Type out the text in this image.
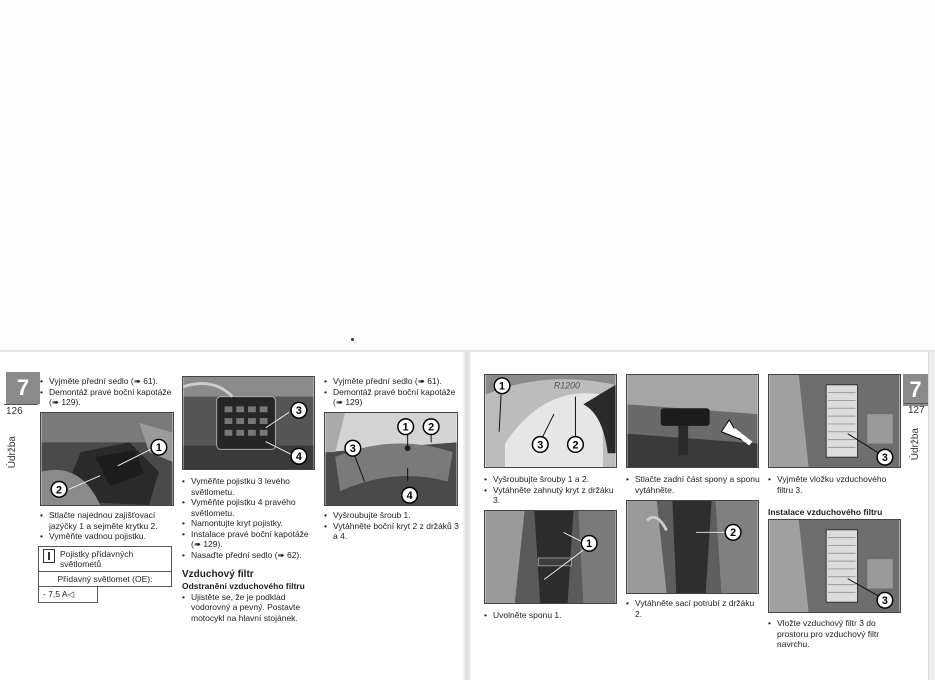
7
126
Údržba
• Vyjměte přední sedlo (➠ 61).
• Demontáž pravé boční kapotáže (➠ 129).
1
2
• Stlačte najednou zajišťovací jazýčky 1 a sejměte krytku 2.
• Vyměňte vadnou pojistku.
Pojistky přídavných světlometů
Přídavný světlomet (OE):
- 7,5 A◁
3
4
• Vyměňte pojistku 3 levého světlometu.
• Vyměňte pojistku 4 pravého světlometu.
• Namontujte kryt pojistky.
• Instalace pravé boční kapotáže (➠ 129).
• Nasaďte přední sedlo (➠ 62).
Vzduchový filtr
Odstranění vzduchového filtru
• Ujistěte se, že je podklad vodorovný a pevný. Postavte motocykl na hlavní stojánek.
• Vyjměte přední sedlo (➠ 61).
• Demontáž pravé boční kapotáže (➠ 129)
1 2
3
4
• Vyšroubujte šroub 1.
• Vytáhněte boční kryt 2 z držáků 3 a 4.
R1200
1
3	2
• Vyšroubujte šrouby 1 a 2.
• Vytáhněte zahnutý kryt z držáku 3.
1
• Uvolněte sponu 1.
• Stlačte zadní část spony a sponu vytáhněte.
2
• Vytáhněte sací potrubí z držáku 2.
3
• Vyjměte vložku vzduchového filtru 3.
Instalace vzduchového filtru
3
• Vložte vzduchový filtr 3 do prostoru pro vzduchový filtr navrchu.
7
127
Údržba
